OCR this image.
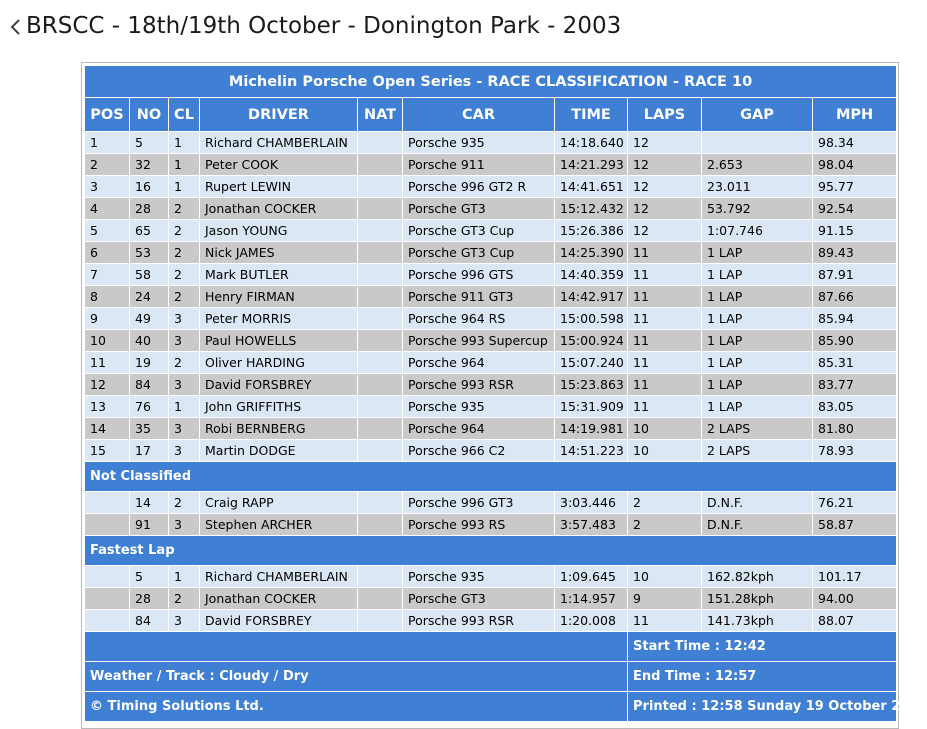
BRSCC - 18th/19th October - Donington Park - 2003
Michelin Porsche Open Series - RACE CLASSIFICATION - RACE 10									
POS	NO	CL	DRIVER	NAT	CAR	TIME	LAPS	GAP	MPH
1	5	1	Richard CHAMBERLAIN		Porsche 935	14:18.640	12		98.34
2	32	1	Peter COOK		Porsche 911	14:21.293	12	2.653	98.04
3	16	1	Rupert LEWIN		Porsche 996 GT2 R	14:41.651	12	23.011	95.77
4	28	2	Jonathan COCKER		Porsche GT3	15:12.432	12	53.792	92.54
5	65	2	Jason YOUNG		Porsche GT3 Cup	15:26.386	12	1:07.746	91.15
6	53	2	Nick JAMES		Porsche GT3 Cup	14:25.390	11	1 LAP	89.43
7	58	2	Mark BUTLER		Porsche 996 GTS	14:40.359	11	1 LAP	87.91
8	24	2	Henry FIRMAN		Porsche 911 GT3	14:42.917	11	1 LAP	87.66
9	49	3	Peter MORRIS		Porsche 964 RS	15:00.598	11	1 LAP	85.94
10	40	3	Paul HOWELLS		Porsche 993 Supercup	15:00.924	11	1 LAP	85.90
11	19	2	Oliver HARDING		Porsche 964	15:07.240	11	1 LAP	85.31
12	84	3	David FORSBREY		Porsche 993 RSR	15:23.863	11	1 LAP	83.77
13	76	1	John GRIFFITHS		Porsche 935	15:31.909	11	1 LAP	83.05
14	35	3	Robi BERNBERG		Porsche 964	14:19.981	10	2 LAPS	81.80
15	17	3	Martin DODGE		Porsche 966 C2	14:51.223	10	2 LAPS	78.93
Not Classified									
	14	2	Craig RAPP		Porsche 996 GT3	3:03.446	2	D.N.F.	76.21
	91	3	Stephen ARCHER		Porsche 993 RS	3:57.483	2	D.N.F.	58.87
Fastest Lap									
	5	1	Richard CHAMBERLAIN		Porsche 935	1:09.645	10	162.82kph	101.17
	28	2	Jonathan COCKER		Porsche GT3	1:14.957	9	151.28kph	94.00
	84	3	David FORSBREY		Porsche 993 RSR	1:20.008	11	141.73kph	88.07
							Start Time : 12:42		
Weather / Track : Cloudy / Dry							End Time : 12:57		
© Timing Solutions Ltd.							Printed : 12:58 Sunday 19 October 2003		
